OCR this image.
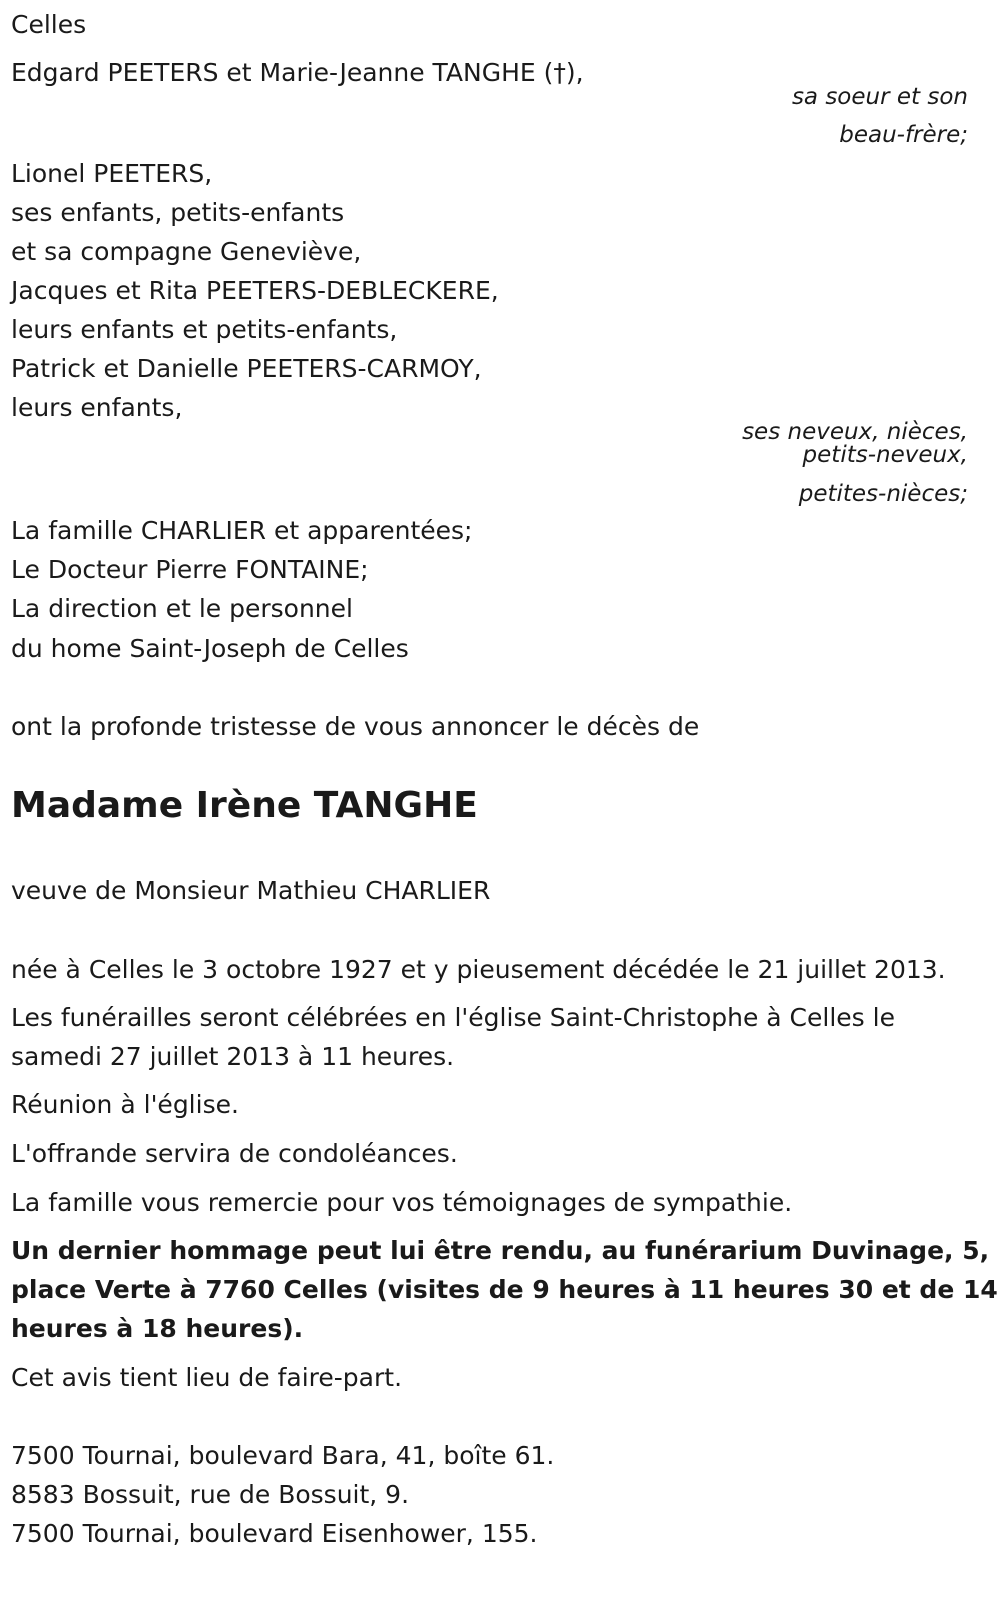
Celles

Edgard PEETERS et Marie-Jeanne TANGHE (†),

sa soeur et son

beau-frère;

Lionel PEETERS,

ses enfants, petits-enfants

et sa compagne Geneviève,

Jacques et Rita PEETERS-DEBLECKERE,

leurs enfants et petits-enfants,

Patrick et Danielle PEETERS-CARMOY,

leurs enfants,

ses neveux, nièces,

petits-neveux,

petites-nièces;

La famille CHARLIER et apparentées;

Le Docteur Pierre FONTAINE;

La direction et le personnel

du home Saint-Joseph de Celles

ont la profonde tristesse de vous annoncer le décès de

Madame Irène TANGHE

veuve de Monsieur Mathieu CHARLIER

née à Celles le 3 octobre 1927 et y pieusement décédée le 21 juillet 2013.

Les funérailles seront célébrées en l'église Saint-Christophe à Celles le

samedi 27 juillet 2013 à 11 heures.

Réunion à l'église.

L'offrande servira de condoléances.

La famille vous remercie pour vos témoignages de sympathie.

Un dernier hommage peut lui être rendu, au funérarium Duvinage, 5,

place Verte à 7760 Celles (visites de 9 heures à 11 heures 30 et de 14

heures à 18 heures).

Cet avis tient lieu de faire-part.

7500 Tournai, boulevard Bara, 41, boîte 61.

8583 Bossuit, rue de Bossuit, 9.

7500 Tournai, boulevard Eisenhower, 155.
